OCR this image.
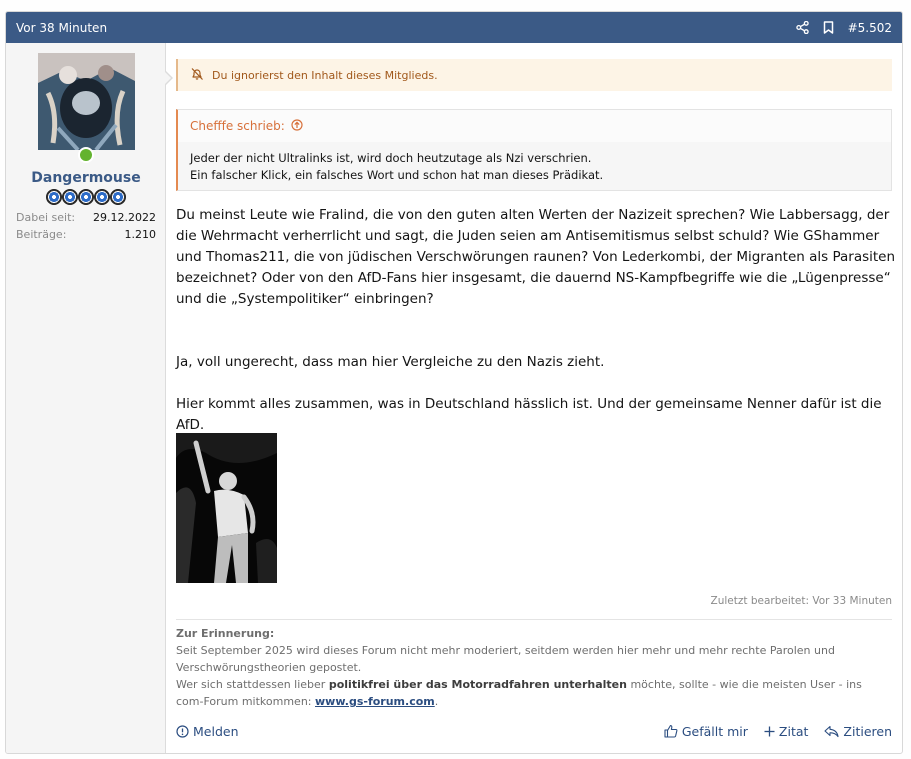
Vor 38 Minuten	#5.502
Dangermouse
Dabei seit: 29.12.2022
Beiträge:	1.210
Du ignorierst den Inhalt dieses Mitglieds.
Chefffe schrieb:
Jeder der nicht Ultralinks ist, wird doch heutzutage als Nzi verschrien.
Ein falscher Klick, ein falsches Wort und schon hat man dieses Prädikat.

Du meinst Leute wie Fralind, die von den guten alten Werten der Nazizeit sprechen? Wie Labbersagg, der die Wehrmacht verherrlicht und sagt, die Juden seien am Antisemitismus selbst schuld? Wie GShammer und Thomas211, die von jüdischen Verschwörungen raunen? Von Lederkombi, der Migranten als Parasiten bezeichnet? Oder von den AfD-Fans hier insgesamt, die dauernd NS-Kampfbegriffe wie die „Lügenpresse“ und die „Systempolitiker“ einbringen?

Ja, voll ungerecht, dass man hier Vergleiche zu den Nazis zieht.

Hier kommt alles zusammen, was in Deutschland hässlich ist. Und der gemeinsame Nenner dafür ist die AfD.

Zuletzt bearbeitet: Vor 33 Minuten
Zur Erinnerung:
Seit September 2025 wird dieses Forum nicht mehr moderiert, seitdem werden hier mehr und mehr rechte Parolen und Verschwörungstheorien gepostet.
Wer sich stattdessen lieber politikfrei über das Motorradfahren unterhalten möchte, sollte - wie die meisten User - ins com-Forum mitkommen: www.gs-forum.com.
Melden	Gefällt mir Zitat	Zitieren
